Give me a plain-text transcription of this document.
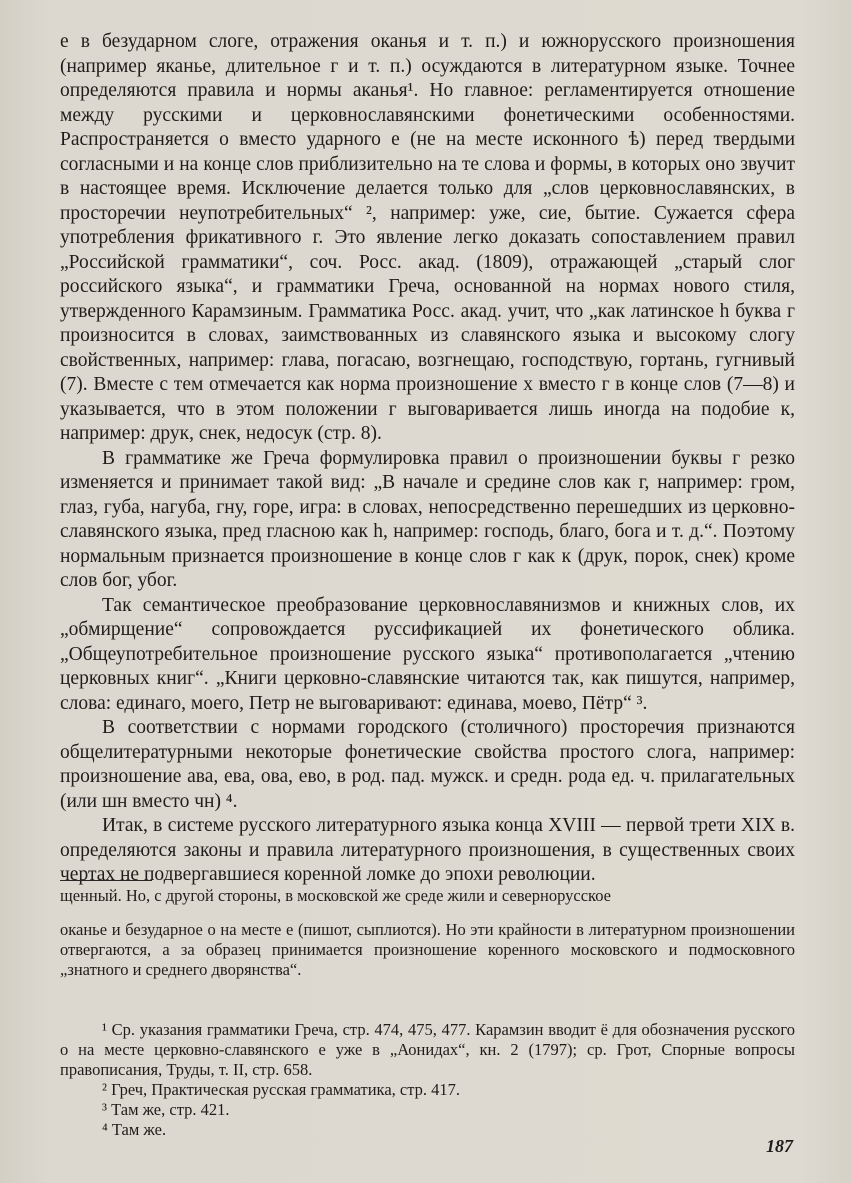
е в безударном слоге, отражения оканья и т. п.) и южнорусского произношения (например яканье, длительное г и т. п.) осуждаются в литературном языке. Точнее определяются правила и нормы аканья¹. Но главное: регламентируется отношение между русскими и церковнославянскими фонетическими особенностями. Распространяется о вместо ударного е (не на месте исконного ѣ) перед твердыми согласными и на конце слов приблизительно на те слова и формы, в которых оно звучит в настоящее время. Исключение делается только для „слов церковнославянских, в просторечии неупотребительных“ ², например: уже, сие, бытие. Сужается сфера употребления фрикативного г. Это явление легко доказать сопоставлением правил „Российской грамматики“, соч. Росс. акад. (1809), отражающей „старый слог российского языка“, и грамматики Греча, основанной на нормах нового стиля, утвержденного Карамзиным. Грамматика Росс. акад. учит, что „как латинское h буква г произносится в словах, заимствованных из славянского языка и высокому слогу свойственных, например: глава, погасаю, возгнещаю, господствую, гортань, гугнивый (7). Вместе с тем отмечается как норма произношение х вместо г в конце слов (7—8) и указывается, что в этом положении г выговаривается лишь иногда на подобие к, например: друк, снек, недосук (стр. 8).

В грамматике же Греча формулировка правил о произношении буквы г резко изменяется и принимает такой вид: „В начале и средине слов как г, например: гром, глаз, губа, нагуба, гну, горе, игра: в словах, непосредственно перешедших из церковно-славянского языка, пред гласною как h, например: господь, благо, бога и т. д.“. Поэтому нормальным признается произношение в конце слов г как к (друк, порок, снек) кроме слов бог, убог.

Так семантическое преобразование церковнославянизмов и книжных слов, их „обмирщение“ сопровождается руссификацией их фонетического облика. „Общеупотребительное произношение русского языка“ противополагается „чтению церковных книг“. „Книги церковно-славянские читаются так, как пишутся, например, слова: единаго, моего, Петр не выговаривают: единава, моево, Пётр“ ³.

В соответствии с нормами городского (столичного) просторечия признаются общелитературными некоторые фонетические свойства простого слога, например: произношение ава, ева, ова, ево, в род. пад. мужск. и средн. рода ед. ч. прилагательных (или шн вместо чн) ⁴.

Итак, в системе русского литературного языка конца XVIII — первой трети XIX в. определяются законы и правила литературного произношения, в существенных своих чертах не подвергавшиеся коренной ломке до эпохи революции.

щенный. Но, с другой стороны, в московской же среде жили и севернорусское

оканье и безударное о на месте е (пишот, сыплиотся). Но эти крайности в литературном произношении отвергаются, а за образец принимается произношение коренного московского и подмосковного „знатного и среднего дворянства“.

¹ Ср. указания грамматики Греча, стр. 474, 475, 477. Карамзин вводит ё для обозначения русского о на месте церковно-славянского е уже в „Аонидах“, кн. 2 (1797); ср. Грот, Спорные вопросы правописания, Труды, т. II, стр. 658.

² Греч, Практическая русская грамматика, стр. 417.

³ Там же, стр. 421.

⁴ Там же.

187
